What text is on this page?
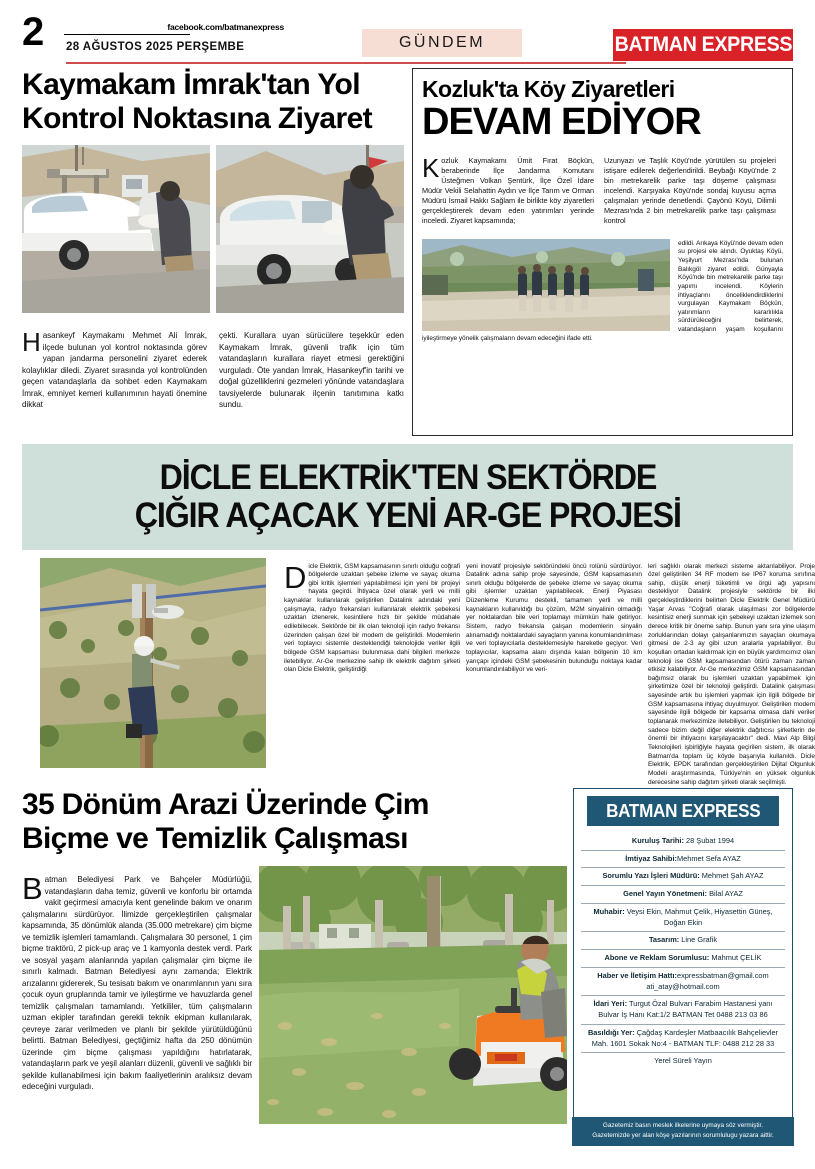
2	facebook.com/batmanexpress
28 AĞUSTOS 2025 PERŞEMBE	GÜNDEM	BATMAN EXPRESS
Kaymakam İmrak'tan Yol
Kontrol Noktasına Ziyaret

Hasankeyf Kaymakamı Mehmet Ali İmrak, ilçede bulunan yol kontrol noktasında görev yapan jandarma personelini ziyaret ederek kolaylıklar diledi. Ziyaret sırasında yol kontrolünden geçen vatandaşlarla da sohbet eden Kaymakam İmrak, emniyet kemeri kullanımının hayati önemine dikkat

çekti. Kurallara uyan sürücülere teşekkür eden Kaymakam İmrak, güvenli trafik için tüm vatandaşların kurallara riayet etmesi gerektiğini vurguladı. Öte yandan İmrak, Hasankeyf'in tarihi ve doğal güzelliklerini gezmeleri yönünde vatandaşlara tavsiyelerde bulunarak ilçenin tanıtımına katkı sundu.

Kozluk'ta Köy Ziyaretleri
DEVAM EDİYOR

Kozluk Kaymakamı Ümit Fırat Böçkün, beraberinde İlçe Jandarma Komutanı Üsteğmen Volkan Şentürk, İlçe Özel İdare Müdür Vekili Selahattin Aydın ve İlçe Tarım ve Orman Müdürü İsmail Hakkı Sağlam ile birlikte köy ziyaretleri gerçekleştirerek devam eden yatırımları yerinde inceledi. Ziyaret kapsamında;

Uzunyazı ve Taşlık Köyü'nde yürütülen su projeleri istişare edilerek değerlendirildi. Beybağı Köyü'nde 2 bin metrekarelik parke taşı döşeme çalışması incelendi. Karşıyaka Köyü'nde sondaj kuyusu açma çalışmaları yerinde denetlendi. Çayönü Köyü, Dilimli Mezrası'nda 2 bin metrekarelik parke taşı çalışması kontrol

edildi. Arıkaya Köyü'nde devam eden su projesi ele alındı. Oyuktaş Köyü, Yeşilyurt Mezrası'nda bulunan Balıkgöl ziyaret edildi. Günyayla Köyü'nde bin metrekarelik parke taşı yapımı incelendi. Köylerin ihtiyaçlarını önceliklendirdiklerini vurgulayan Kaymakam Böçkün, yatırımların kararlılıkla sürdürüleceğini belirterek, vatandaşların yaşam koşullarını iyileştirmeye yönelik çalışmaların devam edeceğini ifade etti.

DİCLE ELEKTRİK'TEN SEKTÖRDE
ÇIĞIR AÇACAK YENİ AR-GE PROJESİ

Dicle Elektrik, GSM kapsamasının sınırlı olduğu coğrafi bölgelerde uzaktan şebeke izleme ve sayaç okuma gibi kritik işlemleri yapılabilmesi için yeni bir projeyi hayata geçirdi. İhtiyaca özel olarak yerli ve milli kaynaklar kullanılarak geliştirilen Datalink adındaki yeni çalışmayla, radyo frekansları kullanılarak elektrik şebekesi uzaktan izlenerek, kesintilere hızlı bir şekilde müdahale edilebilecek. Sektörde bir ilk olan teknoloji için radyo frekansı üzerinden çalışan özel bir modem de geliştirildi. Modemlerin veri toplayıcı sistemle desteklendiği teknolojide veriler ilgili bölgede GSM kapsaması bulunmasa dahi bilgileri merkeze iletebiliyor. Ar-Ge merkezine sahip ilk elektrik dağıtım şirketi olan Dicle Elektrik, geliştirdiği

yeni inovatif projesiyle sektöründeki öncü rolünü sürdürüyor. Datalink adına sahip proje sayesinde, GSM kapsamasının sınırlı olduğu bölgelerde de şebeke izleme ve sayaç okuma gibi işlemler uzaktan yapılabilecek. Enerji Piyasası Düzenleme Kurumu destekli, tamamen yerli ve milli kaynakların kullanıldığı bu çözüm, M2M sinyalinin olmadığı yer noktalardan bile veri toplamayı mümkün hale getiriyor. Sistem, radyo frekansla çalışan modemlerin sinyalin alınamadığı noktalardaki sayaçların yanına konumlandırılması ve veri toplayıcılarla desteklemesiyle hareketle geçiyor. Veri toplayıcılar, kapsama alanı dışında kalan bölgenin 10 km yarıçapı içindeki GSM şebekesinin bulunduğu noktaya kadar konumlandırılabiliyor ve veri-

leri sağlıklı olarak merkezi sisteme aktarılabiliyor. Proje özel geliştirilen 34 RF modem ise IP67 koruma sınıfına sahip, düşük enerji tüketimli ve örgü ağı yapısını destekliyor Datalink projesiyle sektörde bir ilki gerçekleştirdiklerini belirten Dicle Elektrik Genel Müdürü Yaşar Arvas "Coğrafi olarak ulaşılması zor bölgelerde kesintisiz enerji sunmak için şebekeyi uzaktan izlemek son derece kritik bir öneme sahip. Bunun yanı sıra yine ulaşım zorluklarından dolayı çalışanlarımızın sayaçları okumaya gitmesi de 2-3 ay gibi uzun aralarla yapılabiliyor. Bu koşulları ortadan kaldırmak için en büyük yardımcımız olan teknoloji ise GSM kapsamasından ötürü zaman zaman etkisiz kalabiliyor. Ar-Ge merkezimiz GSM kapsamasından bağımsız olarak bu işlemleri uzaktan yapabilmek için şirketimize özel bir teknoloji geliştirdi. Datalink çalışması sayesinde artık bu işlemleri yapmak için ilgili bölgede bir GSM kapsamasına ihtiyaç duyulmuyor. Geliştirilen modem sayesinde ilgili bölgede bir kapsama olmasa dahi veriler toplanarak merkezimize iletebiliyor. Geliştirilen bu teknoloji sadece bizim değil diğer elektrik dağıtıcısı şirketlerin de önemli bir ihtiyacını karşılayacaktır" dedi. Mavi Alp Bilgi Teknolojileri işbirliğiyle hayata geçirilen sistem, ilk olarak Batman'da toplam üç köyde başarıyla kullanıldı. Dicle Elektrik, EPDK tarafından gerçekleştirilen Dijital Olgunluk Modeli araştırmasında, Türkiye'nin en yüksek olgunluk derecesine sahip dağıtım şirketi olarak seçilmişti.

35 Dönüm Arazi Üzerinde Çim
Biçme ve Temizlik Çalışması

Batman Belediyesi Park ve Bahçeler Müdürlüğü, vatandaşların daha temiz, güvenli ve konforlu bir ortamda vakit geçirmesi amacıyla kent genelinde bakım ve onarım çalışmalarını sürdürüyor. İlimizde gerçekleştirilen çalışmalar kapsamında, 35 dönümlük alanda (35.000 metrekare) çim biçme ve temizlik işlemleri tamamlandı. Çalışmalara 30 personel, 1 çim biçme traktörü, 2 pick-up araç ve 1 kamyonla destek verdi. Park ve sosyal yaşam alanlarında yapılan çalışmalar çim biçme ile sınırlı kalmadı. Batman Belediyesi aynı zamanda; Elektrik arızalarını gidererek, Su tesisatı bakım ve onarımlarının yanı sıra çocuk oyun gruplarında tamir ve iyileştirme ve havuzlarda genel temizlik çalışmaları tamamlandı. Yetkililer, tüm çalışmaların uzman ekipler tarafından gerekli teknik ekipman kullanılarak, çevreye zarar verilmeden ve planlı bir şekilde yürütüldüğünü belirtti. Batman Belediyesi, geçtiğimiz hafta da 250 dönümün üzerinde çim biçme çalışması yapıldığını hatırlatarak, vatandaşların park ve yeşil alanları düzenli, güvenli ve sağlıklı bir şekilde kullanabilmesi için bakım faaliyetlerinin aralıksız devam edeceğini vurguladı.

BATMAN EXPRESS
Kuruluş Tarihi: 28 Şubat 1994
İmtiyaz Sahibi:Mehmet Sefa AYAZ
Sorumlu Yazı İşleri Müdürü: Mehmet Şah AYAZ
Genel Yayın Yönetmeni: Bilal AYAZ
Muhabir: Veysi Ekin, Mahmut Çelik, Hiyasettin Güneş, Doğan Ekin
Tasarım: Line Grafik
Abone ve Reklam Sorumlusu: Mahmut ÇELİK
Haber ve İletişim Hattı:expressbatman@gmail.com
ati_atay@hotmail.com
İdari Yeri: Turgut Özal Bulvarı Farabim Hastanesi yanı Bulvar İş Hanı Kat:1/2 BATMAN Tet 0488 213 03 86
Basıldığı Yer: Çağdaş Kardeşler Matbaacılık Bahçelievler Mah. 1601 Sokak No:4 - BATMAN TLF: 0488 212 28 33
Yerel Süreli Yayın
Gazetemiz basın meslek ilkelerine uymaya söz vermiştir.
Gazetemizde yer alan köşe yazılarının sorumlulugu yazara aittir.
